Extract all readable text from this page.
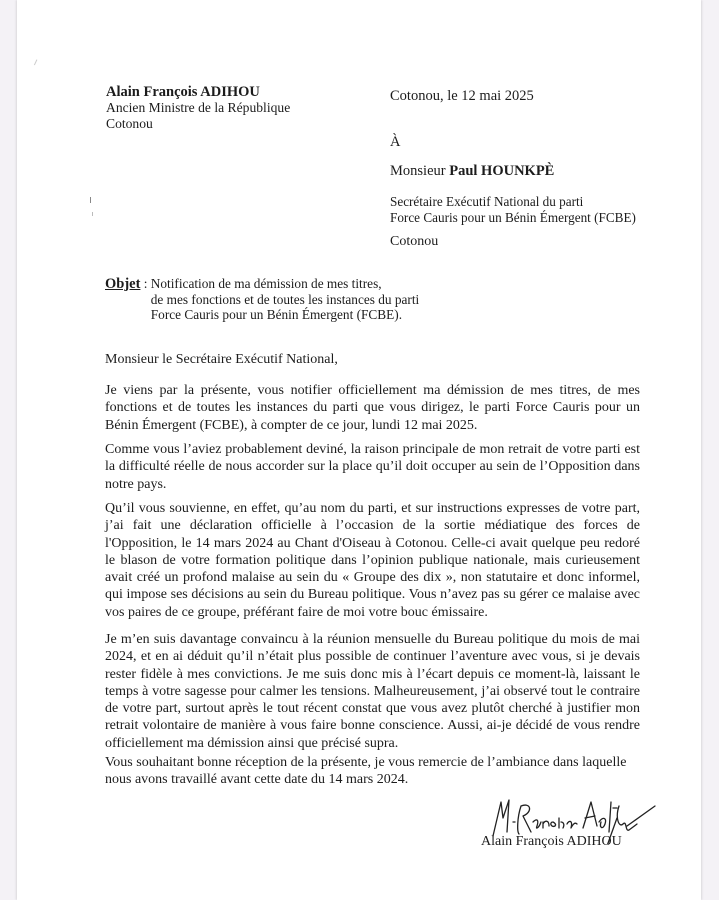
Alain François ADIHOU
Ancien Ministre de la République
Cotonou
Cotonou, le 12 mai 2025
À
Monsieur Paul HOUNKPÈ
Secrétaire Exécutif National du parti
Force Cauris pour un Bénin Émergent (FCBE)
Cotonou
Objet : Notification de ma démission de mes titres,
de mes fonctions et de toutes les instances du parti
Force Cauris pour un Bénin Émergent (FCBE).
Monsieur le Secrétaire Exécutif National,
Je viens par la présente, vous notifier officiellement ma démission de mes titres, de mes fonctions et de toutes les instances du parti que vous dirigez, le parti Force Cauris pour un Bénin Émergent (FCBE), à compter de ce jour, lundi 12 mai 2025.
Comme vous l’aviez probablement deviné, la raison principale de mon retrait de votre parti est la difficulté réelle de nous accorder sur la place qu’il doit occuper au sein de l’Opposition dans notre pays.
Qu’il vous souvienne, en effet, qu’au nom du parti, et sur instructions expresses de votre part, j’ai fait une déclaration officielle à l’occasion de la sortie médiatique des forces de l'Opposition, le 14 mars 2024 au Chant d'Oiseau à Cotonou. Celle-ci avait quelque peu redoré le blason de votre formation politique dans l’opinion publique nationale, mais curieusement avait créé un profond malaise au sein du « Groupe des dix », non statutaire et donc informel, qui impose ses décisions au sein du Bureau politique. Vous n’avez pas su gérer ce malaise avec vos paires de ce groupe, préférant faire de moi votre bouc émissaire.
Je m’en suis davantage convaincu à la réunion mensuelle du Bureau politique du mois de mai 2024, et en ai déduit qu’il n’était plus possible de continuer l’aventure avec vous, si je devais rester fidèle à mes convictions. Je me suis donc mis à l’écart depuis ce moment-là, laissant le temps à votre sagesse pour calmer les tensions. Malheureusement, j’ai observé tout le contraire de votre part, surtout après le tout récent constat que vous avez plutôt cherché à justifier mon retrait volontaire de manière à vous faire bonne conscience. Aussi, ai-je décidé de vous rendre officiellement ma démission ainsi que précisé supra.
Vous souhaitant bonne réception de la présente, je vous remercie de l’ambiance dans laquelle nous avons travaillé avant cette date du 14 mars 2024.
Alain François ADIHOU
